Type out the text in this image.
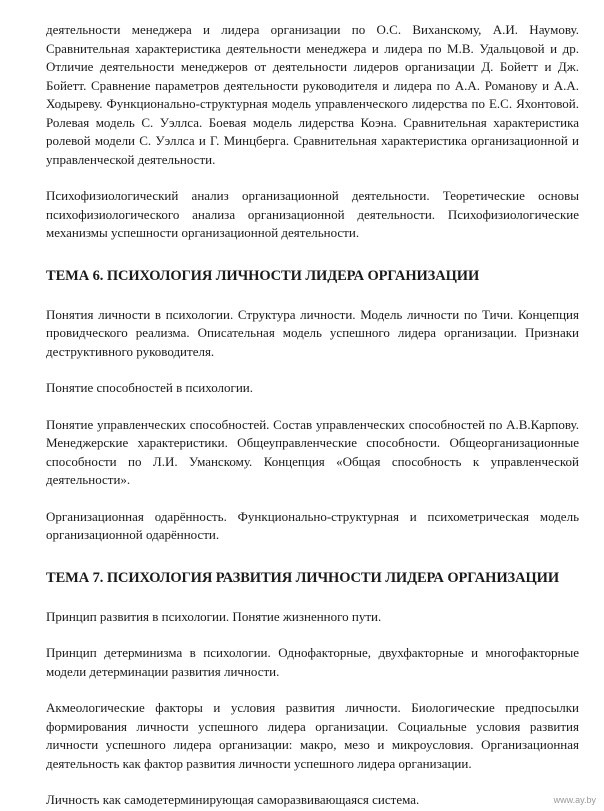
деятельности менеджера и лидера организации по О.С. Виханскому, А.И. Наумову. Сравнительная характеристика деятельности менеджера и лидера по М.В. Удальцовой и др. Отличие деятельности менеджеров от деятельности лидеров организации Д. Бойетт и Дж. Бойетт. Сравнение параметров деятельности руководителя и лидера по А.А. Романову и А.А. Ходыреву. Функционально-структурная модель управленческого лидерства по Е.С. Яхонтовой. Ролевая модель С. Уэллса. Боевая модель лидерства Коэна. Сравнительная характеристика ролевой модели С. Уэллса и Г. Минцберга. Сравнительная характеристика организационной и управленческой деятельности.

Психофизиологический анализ организационной деятельности. Теоретические основы психофизиологического анализа организационной деятельности. Психофизиологические механизмы успешности организационной деятельности.

ТЕМА 6. ПСИХОЛОГИЯ ЛИЧНОСТИ ЛИДЕРА ОРГАНИЗАЦИИ

Понятия личности в психологии. Структура личности. Модель личности по Тичи. Концепция провидческого реализма. Описательная модель успешного лидера организации. Признаки деструктивного руководителя.

Понятие способностей в психологии.

Понятие управленческих способностей. Состав управленческих способностей по А.В.Карпову. Менеджерские характеристики. Общеуправленческие способности. Общеорганизационные способности по Л.И. Уманскому. Концепция «Общая способность к управленческой деятельности».

Организационная одарённость. Функционально-структурная и психометрическая модель организационной одарённости.

ТЕМА 7. ПСИХОЛОГИЯ РАЗВИТИЯ ЛИЧНОСТИ ЛИДЕРА ОРГАНИЗАЦИИ

Принцип развития в психологии. Понятие жизненного пути.

Принцип детерминизма в психологии. Однофакторные, двухфакторные и многофакторные модели детерминации развития личности.

Акмеологические факторы и условия развития личности. Биологические предпосылки формирования личности успешного лидера организации. Социальные условия развития личности успешного лидера организации: макро, мезо и микроусловия. Организационная деятельность как фактор развития личности успешного лидера организации.

Личность как самодетерминирующая саморазвивающаяся система.	www.ay.by
